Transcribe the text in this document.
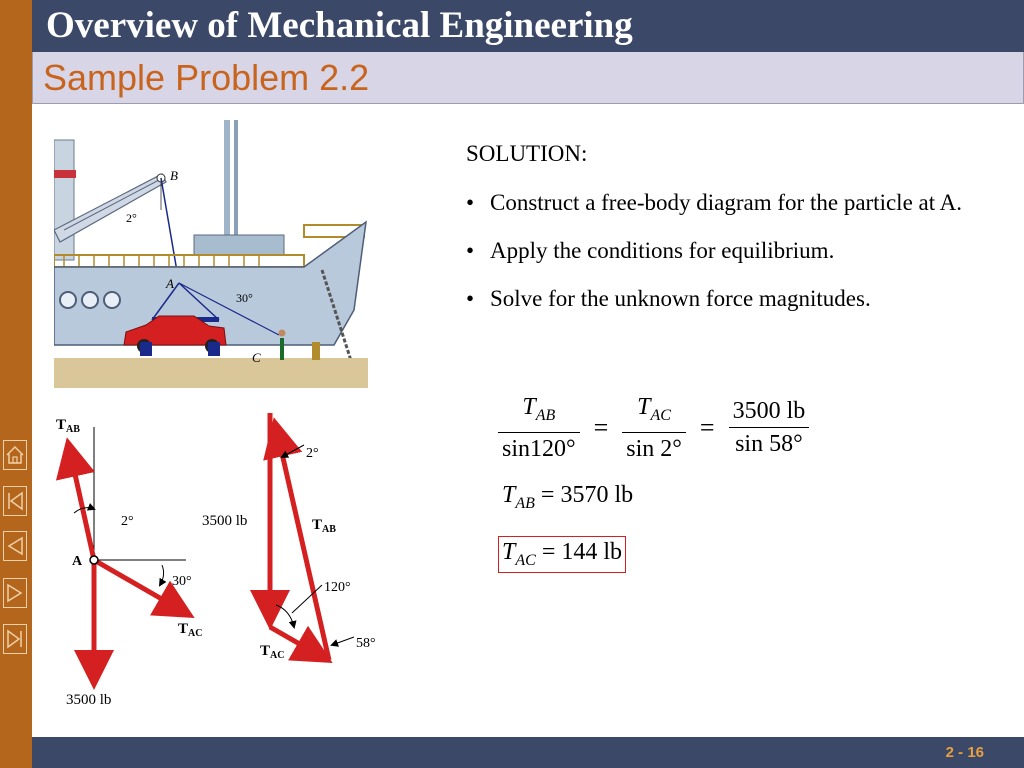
Overview of Mechanical Engineering
Sample Problem 2.2
B
A
C
2°
30°
$T_{AB}$
2°
A
30°
$T_{AC}$
3500 lb
2°
3500 lb	$T_{AB}$
120°
58°
$T_{AC}$

SOLUTION:

• Construct a free-body diagram for the particle at A.
• Apply the conditions for equilibrium.
• Solve for the unknown force magnitudes.
$\frac{T_{AB}}{\sin 120^\circ} = \frac{T_{AC}}{\sin 2^\circ} = \frac{3500 lb}{\sin 58^\circ}$
$T_{AB} = 3570$ lb
$T_{AC} = 144$ lb
2 - 16
